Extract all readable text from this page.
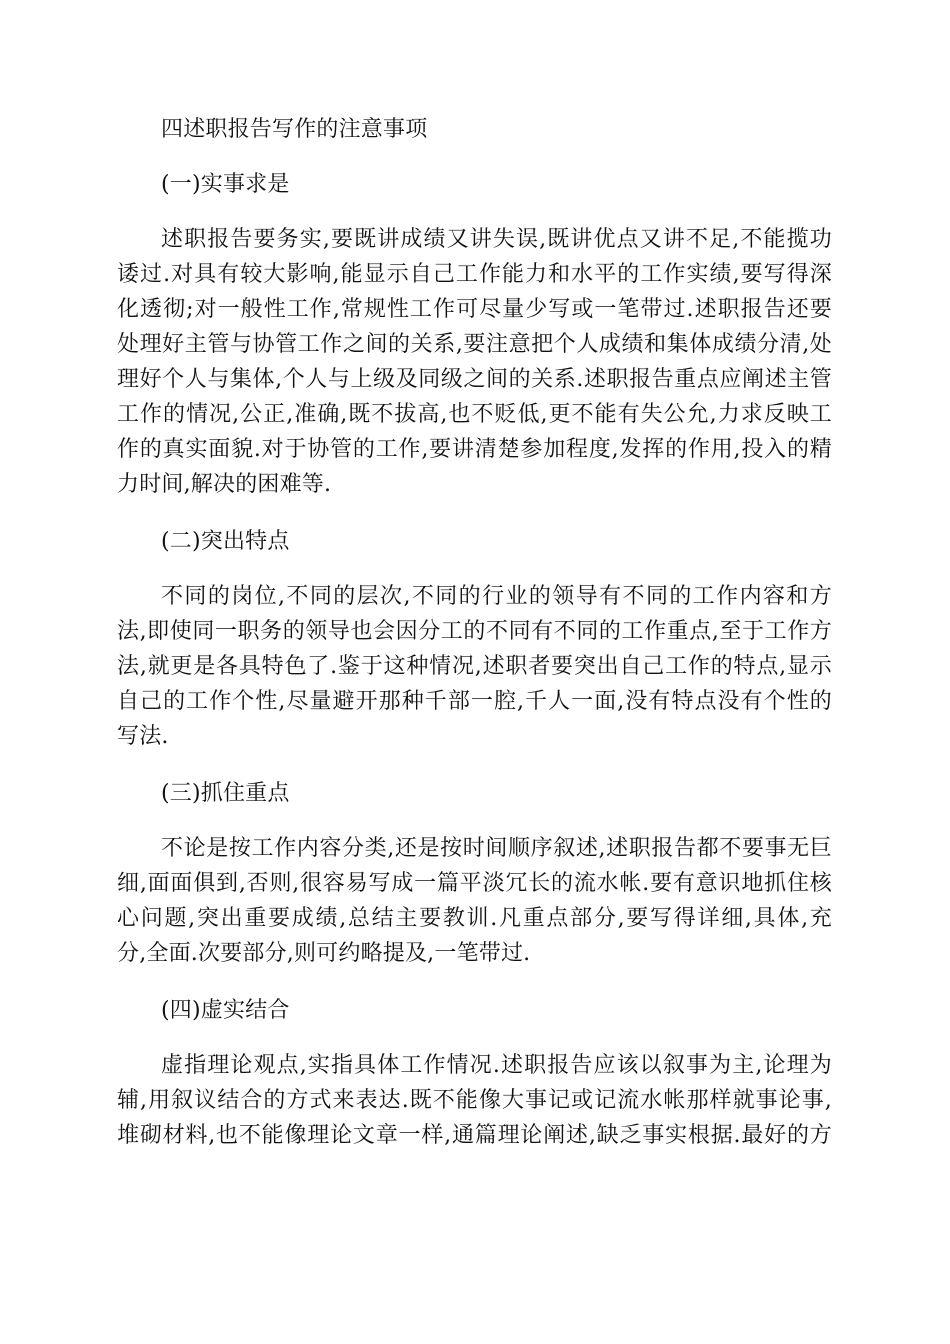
四述职报告写作的注意事项
(一)实事求是
述职报告要务实,要既讲成绩又讲失误,既讲优点又讲不足,不能揽功
诿过.对具有较大影响,能显示自己工作能力和水平的工作实绩,要写得深
化透彻;对一般性工作,常规性工作可尽量少写或一笔带过.述职报告还要
处理好主管与协管工作之间的关系,要注意把个人成绩和集体成绩分清,处
理好个人与集体,个人与上级及同级之间的关系.述职报告重点应阐述主管
工作的情况,公正,准确,既不拔高,也不贬低,更不能有失公允,力求反映工
作的真实面貌.对于协管的工作,要讲清楚参加程度,发挥的作用,投入的精
力时间,解决的困难等.
(二)突出特点
不同的岗位,不同的层次,不同的行业的领导有不同的工作内容和方
法,即使同一职务的领导也会因分工的不同有不同的工作重点,至于工作方
法,就更是各具特色了.鉴于这种情况,述职者要突出自己工作的特点,显示
自己的工作个性,尽量避开那种千部一腔,千人一面,没有特点没有个性的
写法.
(三)抓住重点
不论是按工作内容分类,还是按时间顺序叙述,述职报告都不要事无巨
细,面面俱到,否则,很容易写成一篇平淡冗长的流水帐.要有意识地抓住核
心问题,突出重要成绩,总结主要教训.凡重点部分,要写得详细,具体,充
分,全面.次要部分,则可约略提及,一笔带过.
(四)虚实结合
虚指理论观点,实指具体工作情况.述职报告应该以叙事为主,论理为
辅,用叙议结合的方式来表达.既不能像大事记或记流水帐那样就事论事,
堆砌材料,也不能像理论文章一样,通篇理论阐述,缺乏事实根据.最好的方
